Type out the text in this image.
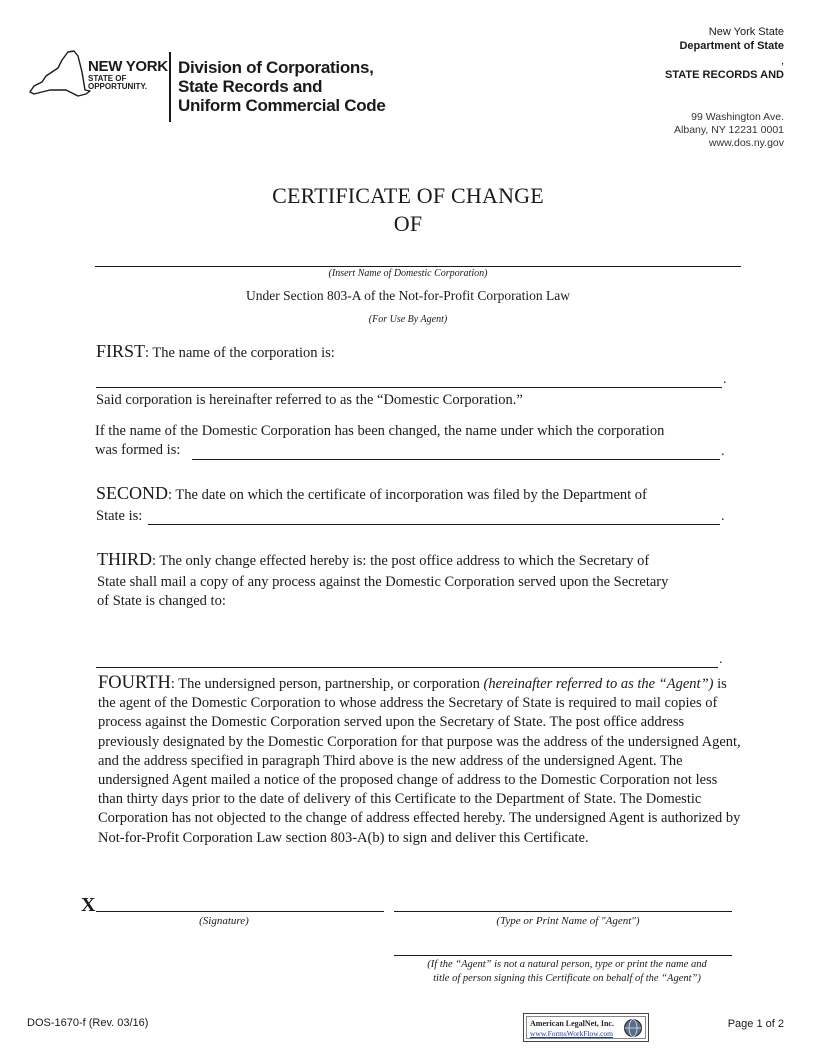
NEW YORK
STATE OF OPPORTUNITY.
Division of Corporations,
State Records and
Uniform Commercial Code
New York State
Department of State
,
STATE RECORDS AND
99 Washington Ave.
Albany, NY 12231 0001
www.dos.ny.gov
CERTIFICATE OF CHANGE
OF
(Insert Name of Domestic Corporation)
Under Section 803-A of the Not-for-Profit Corporation Law
(For Use By Agent)
FIRST: The name of the corporation is:
.
Said corporation is hereinafter referred to as the “Domestic Corporation.”
If the name of the Domestic Corporation has been changed, the name under which the corporation
was formed is:	.
SECOND: The date on which the certificate of incorporation was filed by the Department of
State is:	.
THIRD: The only change effected hereby is: the post office address to which the Secretary of
State shall mail a copy of any process against the Domestic Corporation served upon the Secretary
of State is changed to:
.
FOURTH: The undersigned person, partnership, or corporation (hereinafter referred to as the “Agent”) is the agent of the Domestic Corporation to whose address the Secretary of State is required to mail copies of process against the Domestic Corporation served upon the Secretary of State. The post office address previously designated by the Domestic Corporation for that purpose was the address of the undersigned Agent, and the address specified in paragraph Third above is the new address of the undersigned Agent. The undersigned Agent mailed a notice of the proposed change of address to the Domestic Corporation not less than thirty days prior to the date of delivery of this Certificate to the Department of State. The Domestic Corporation has not objected to the change of address effected hereby. The undersigned Agent is authorized by Not-for-Profit Corporation Law section 803-A(b) to sign and deliver this Certificate.
X
(Signature)	(Type or Print Name of "Agent")
(If the “Agent” is not a natural person, type or print the name and
title of person signing this Certificate on behalf of the “Agent”)
DOS-1670-f (Rev. 03/16)	American LegalNet, Inc.
www.FormsWorkFlow.com
Page 1 of 2
